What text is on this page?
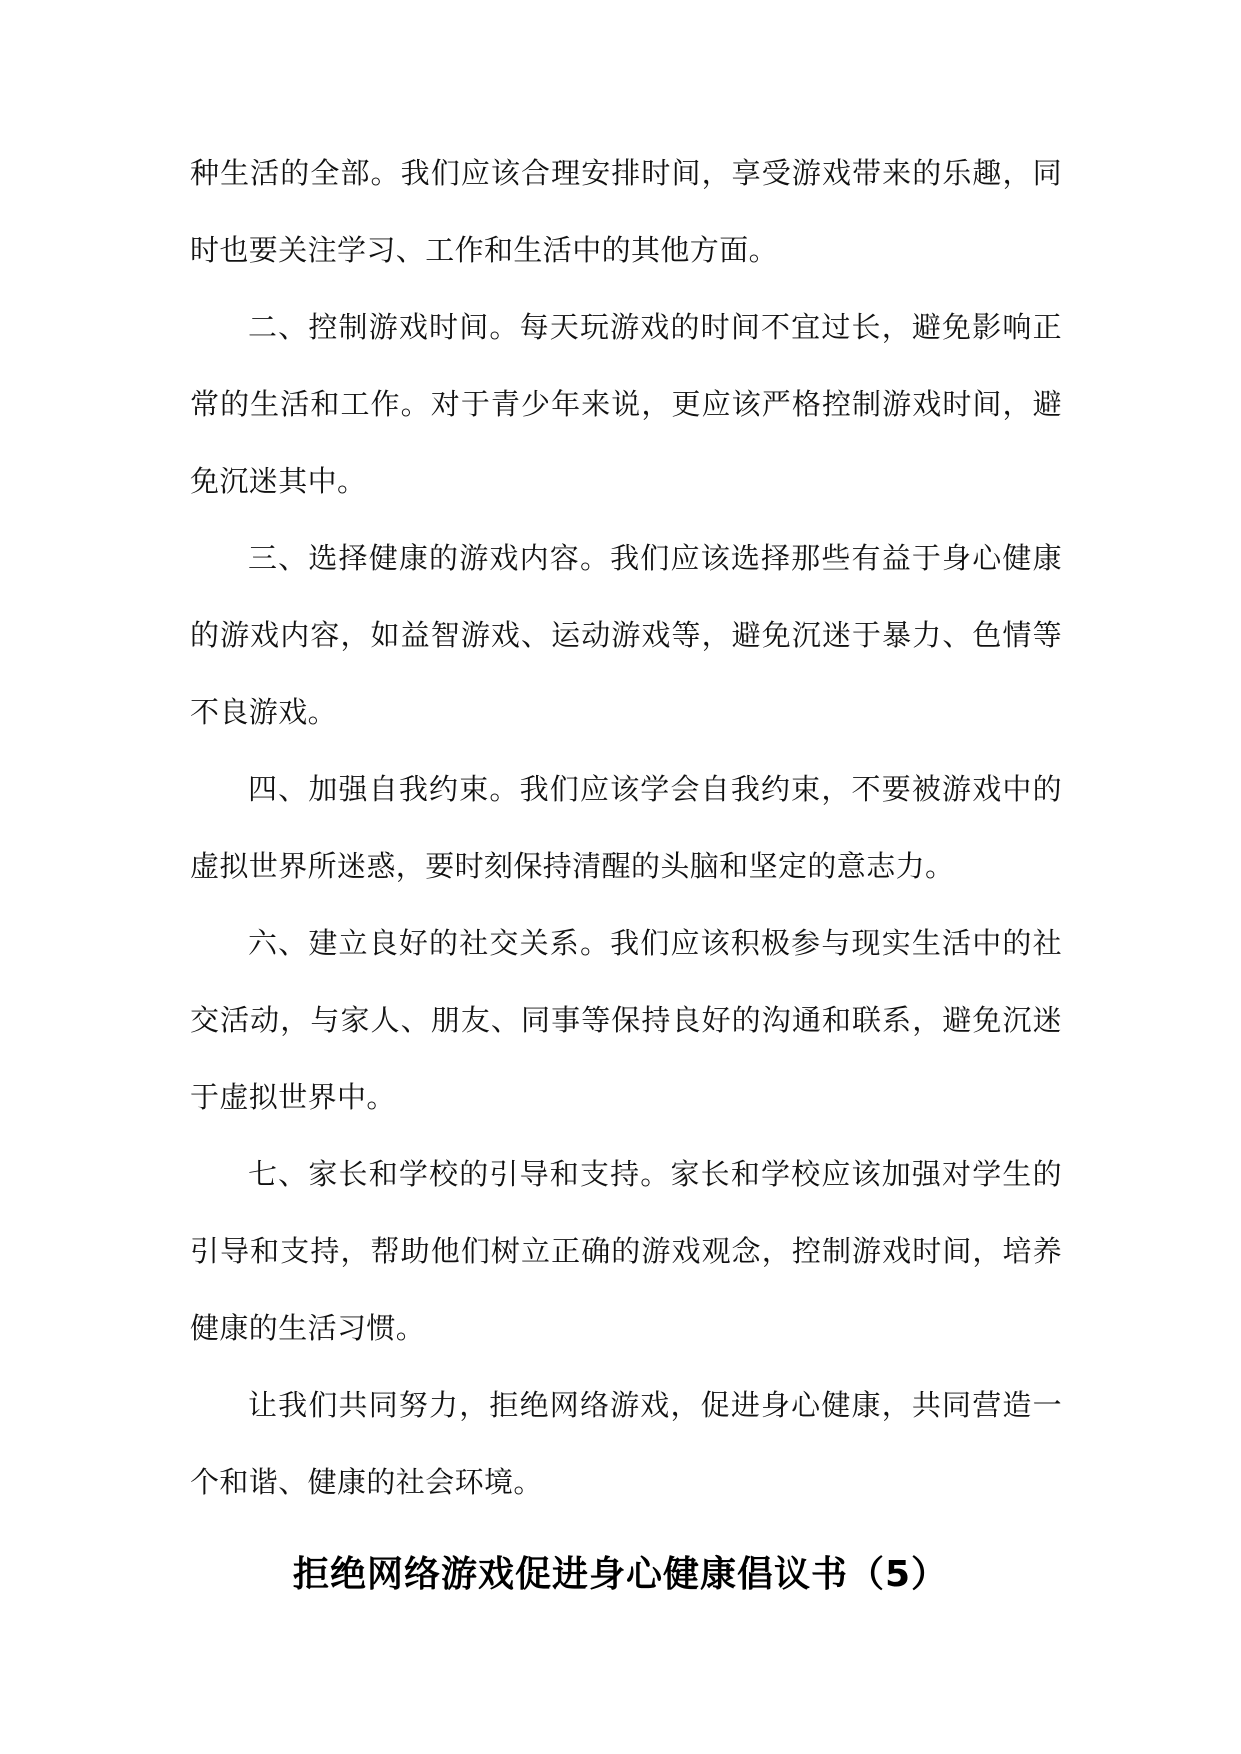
种生活的全部。我们应该合理安排时间，享受游戏带来的乐趣，同时也要关注学习、工作和生活中的其他方面。

二、控制游戏时间。每天玩游戏的时间不宜过长，避免影响正常的生活和工作。对于青少年来说，更应该严格控制游戏时间，避免沉迷其中。

三、选择健康的游戏内容。我们应该选择那些有益于身心健康的游戏内容，如益智游戏、运动游戏等，避免沉迷于暴力、色情等不良游戏。

四、加强自我约束。我们应该学会自我约束，不要被游戏中的虚拟世界所迷惑，要时刻保持清醒的头脑和坚定的意志力。

六、建立良好的社交关系。我们应该积极参与现实生活中的社交活动，与家人、朋友、同事等保持良好的沟通和联系，避免沉迷于虚拟世界中。

七、家长和学校的引导和支持。家长和学校应该加强对学生的引导和支持，帮助他们树立正确的游戏观念，控制游戏时间，培养健康的生活习惯。

让我们共同努力，拒绝网络游戏，促进身心健康，共同营造一个和谐、健康的社会环境。

拒绝网络游戏促进身心健康倡议书（5）
